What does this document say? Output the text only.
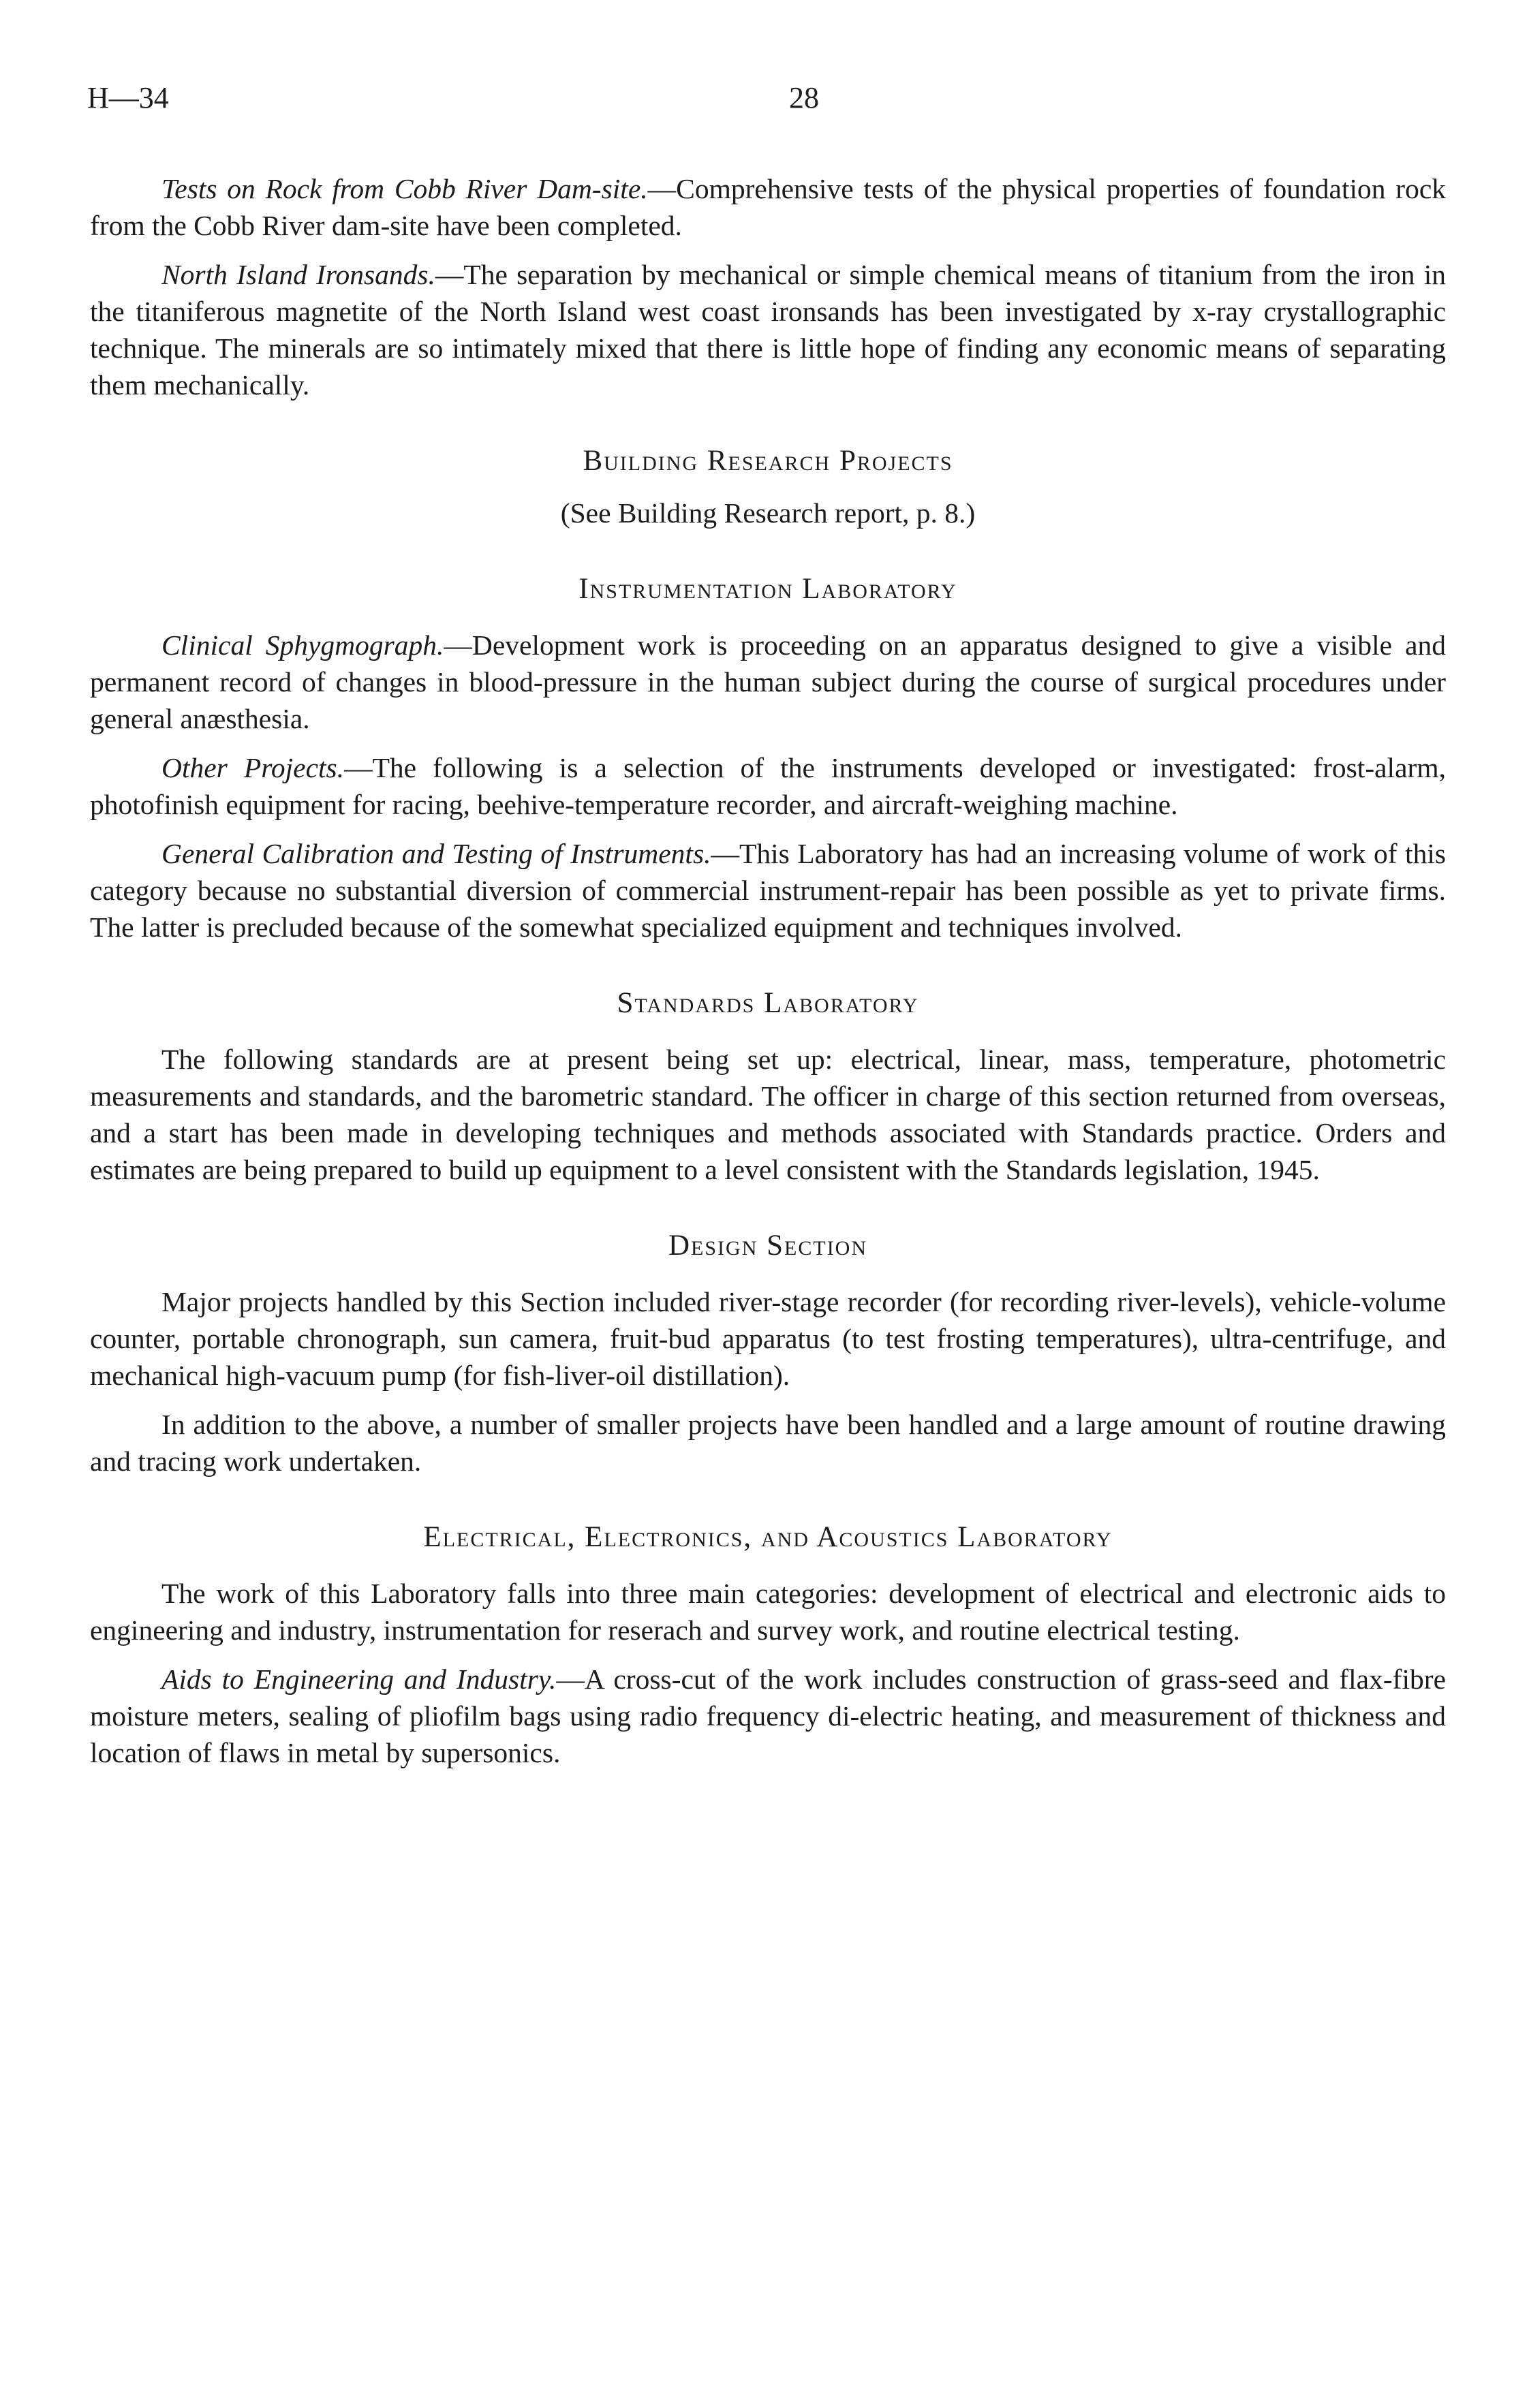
H—34	28

Tests on Rock from Cobb River Dam-site.—Comprehensive tests of the physical properties of foundation rock from the Cobb River dam-site have been completed.

North Island Ironsands.—The separation by mechanical or simple chemical means of titanium from the iron in the titaniferous magnetite of the North Island west coast ironsands has been investigated by x-ray crystallographic technique. The minerals are so intimately mixed that there is little hope of finding any economic means of separating them mechanically.

Building Research Projects
(See Building Research report, p. 8.)
Instrumentation Laboratory

Clinical Sphygmograph.—Development work is proceeding on an apparatus designed to give a visible and permanent record of changes in blood-pressure in the human subject during the course of surgical procedures under general anæsthesia.

Other Projects.—The following is a selection of the instruments developed or investigated: frost-alarm, photofinish equipment for racing, beehive-temperature recorder, and aircraft-weighing machine.

General Calibration and Testing of Instruments.—This Laboratory has had an increasing volume of work of this category because no substantial diversion of commercial instrument-repair has been possible as yet to private firms. The latter is precluded because of the somewhat specialized equipment and techniques involved.

Standards Laboratory

The following standards are at present being set up: electrical, linear, mass, temperature, photometric measurements and standards, and the barometric standard. The officer in charge of this section returned from overseas, and a start has been made in developing techniques and methods associated with Standards practice. Orders and estimates are being prepared to build up equipment to a level consistent with the Standards legislation, 1945.

Design Section

Major projects handled by this Section included river-stage recorder (for recording river-levels), vehicle-volume counter, portable chronograph, sun camera, fruit-bud apparatus (to test frosting temperatures), ultra-centrifuge, and mechanical high-vacuum pump (for fish-liver-oil distillation).

In addition to the above, a number of smaller projects have been handled and a large amount of routine drawing and tracing work undertaken.

Electrical, Electronics, and Acoustics Laboratory

The work of this Laboratory falls into three main categories: development of electrical and electronic aids to engineering and industry, instrumentation for reserach and survey work, and routine electrical testing.

Aids to Engineering and Industry.—A cross-cut of the work includes construction of grass-seed and flax-fibre moisture meters, sealing of pliofilm bags using radio frequency di-electric heating, and measurement of thickness and location of flaws in metal by supersonics.
